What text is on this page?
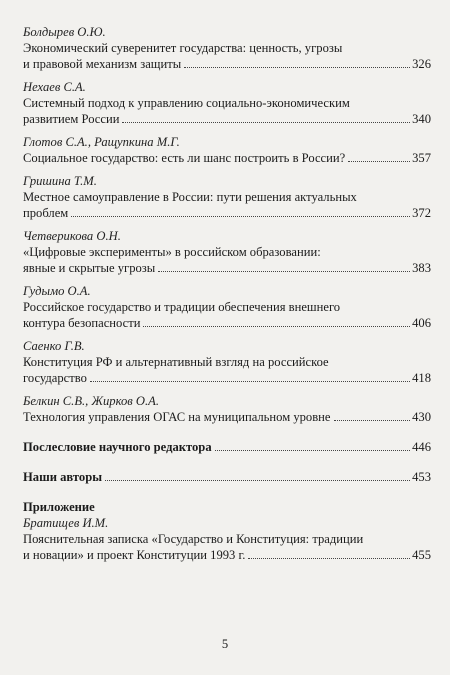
Болдырев О.Ю.
Экономический суверенитет государства: ценность, угрозы
и правовой механизм защиты	326
Нехаев С.А.
Системный подход к управлению социально-экономическим
развитием России	340
Глотов С.А., Ращупкина М.Г.
Социальное государство: есть ли шанс построить в России?	357
Гришина Т.М.
Местное самоуправление в России: пути решения актуальных
проблем	372
Четверикова О.Н.
«Цифровые эксперименты» в российском образовании:
явные и скрытые угрозы	383
Гудымо О.А.
Российское государство и традиции обеспечения внешнего
контура безопасности	406
Саенко Г.В.
Конституция РФ и альтернативный взгляд на российское
государство	418
Белкин С.В., Жирков О.А.
Технология управления ОГАС на муниципальном уровне	430
Послесловие научного редактора	446
Наши авторы	453
Приложение
Братищев И.М.
Пояснительная записка «Государство и Конституция: традиции
и новации» и проект Конституции 1993 г.	455
5
